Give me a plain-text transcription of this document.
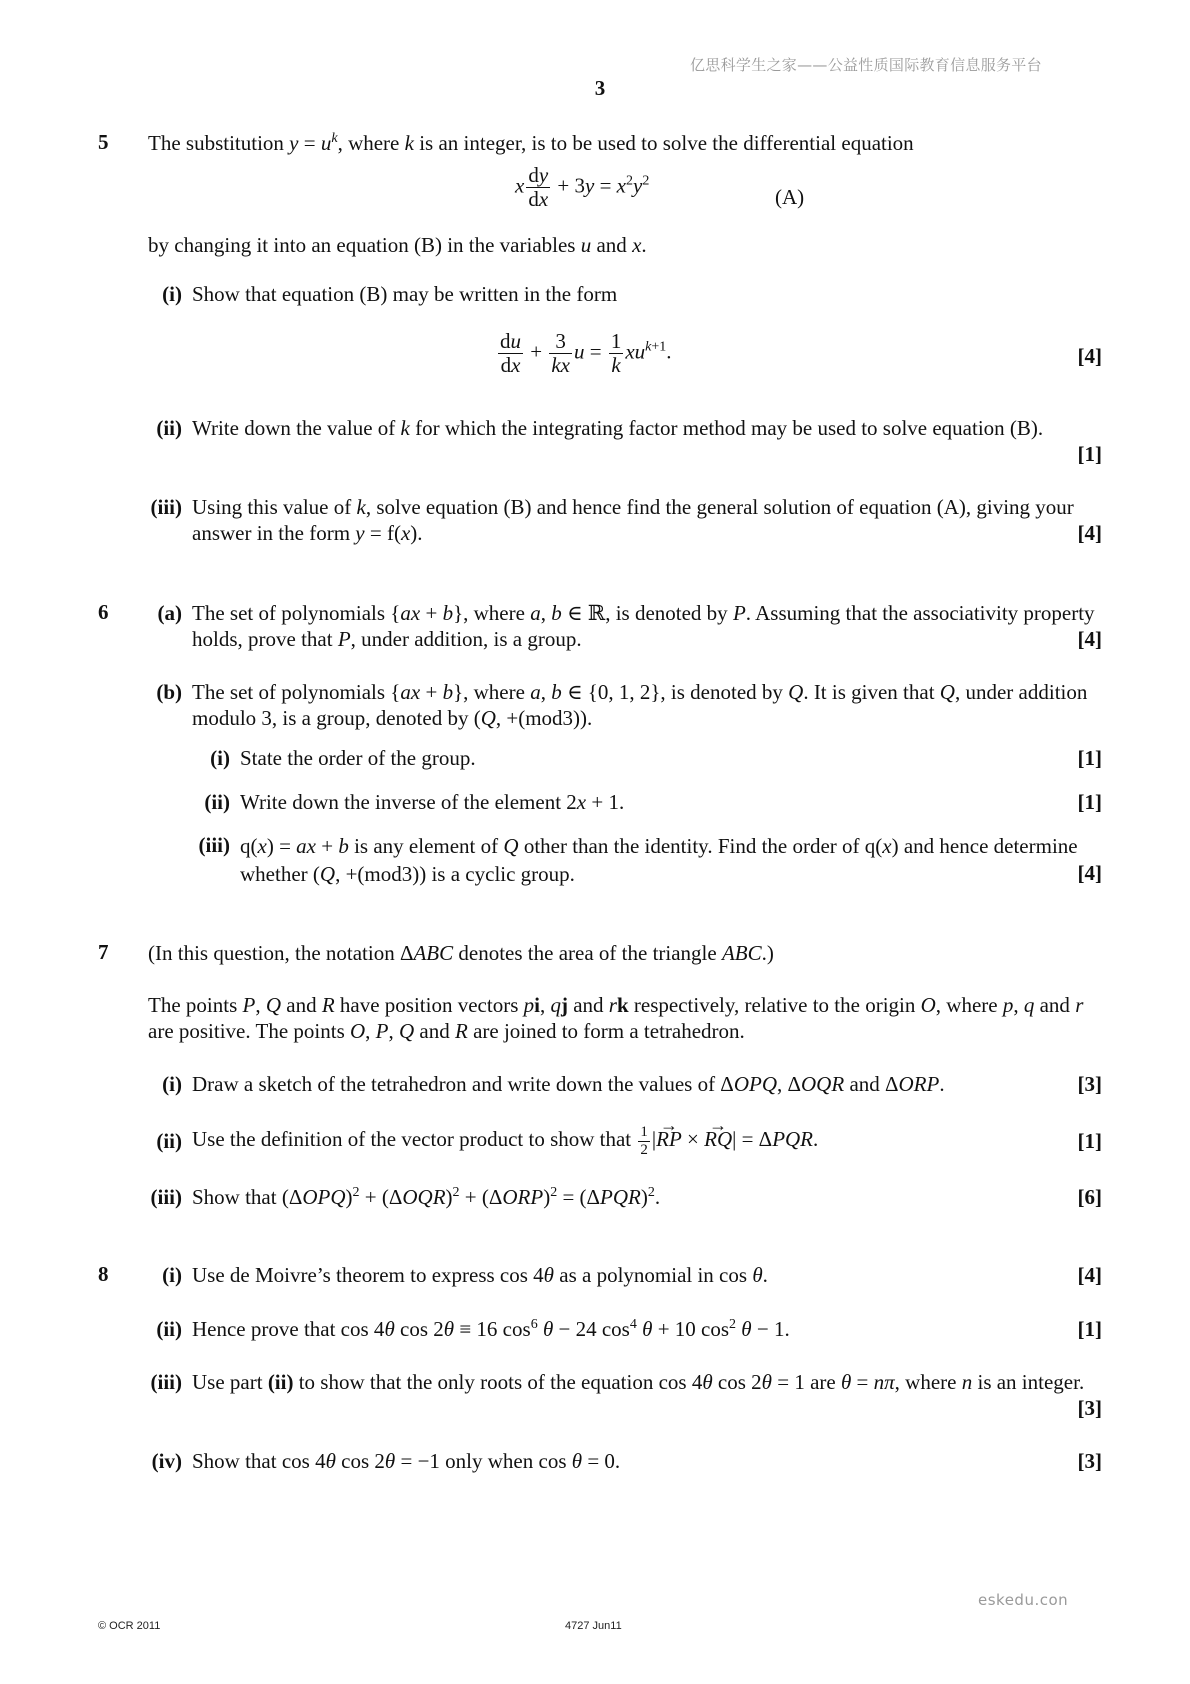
亿思科学生之家——公益性质国际教育信息服务平台
3
5	The substitution $y = u^k$, where k is an integer, is to be used to solve the differential equation
x $\frac{dy}{dx} + 3y = x^2y^2$
(A)
by changing it into an equation (B) in the variables u and x.
(i) Show that equation (B) may be written in the form
$\frac{du}{dx} + \frac{3}{kx}$ $u = \frac{1}{k} xu^{k+1}$.	[4]
(ii) Write down the value of k for which the integrating factor method may be used to solve equation (B).
[1]
(iii) Using this value of k, solve equation (B) and hence find the general solution of equation (A), giving your answer in the form y = f(x).	[4]
6	(a) The set of polynomials {ax + b}, where a, b ∈ ℝ, is denoted by P. Assuming that the associativity property holds, prove that P, under addition, is a group.	[4]
(b) The set of polynomials {ax + b}, where a, b ∈ {0, 1, 2}, is denoted by Q. It is given that Q, under addition modulo 3, is a group, denoted by (Q, +(mod3)).
(i) State the order of the group.	[1]
(ii) Write down the inverse of the element 2x + 1.	[1]
(iii) q(x) = ax + b is any element of Q other than the identity. Find the order of q(x) and hence determine whether (Q, +(mod3)) is a cyclic group.	[4]
7	(In this question, the notation ΔABC denotes the area of the triangle ABC.)
The points P, Q and R have position vectors pi, qj and rk respectively, relative to the origin O, where p, q and r are positive. The points O, P, Q and R are joined to form a tetrahedron.
(i) Draw a sketch of the tetrahedron and write down the values of ΔOPQ, ΔOQR and ΔORP.	[3]
(ii) Use the definition of the vector product to show that $\frac{1}{2}$ |→ RP × → RQ| = ΔPQR.	[1]
(iii) Show that $(\Delta OPQ)^2 + (\Delta OQR)^2 + (\Delta ORP)^2 = (\Delta PQR)^2$.	[6]
8	(i) Use de Moivre’s theorem to express cos 4θ as a polynomial in cos θ.	[4]
(ii) Hence prove that cos 4θ cos 2θ ≡ 16 $\cos^6 \theta - 24$ $\cos^4 \theta + 10$ $\cos^2 \theta - 1$.	[1]
(iii) Use part (ii) to show that the only roots of the equation cos 4θ cos 2θ = 1 are θ = nπ, where n is an integer.
[3]
(iv) Show that cos 4θ cos 2θ = −1 only when cos θ = 0.	[3]
eskedu.con
© OCR 2011	4727 Jun11
